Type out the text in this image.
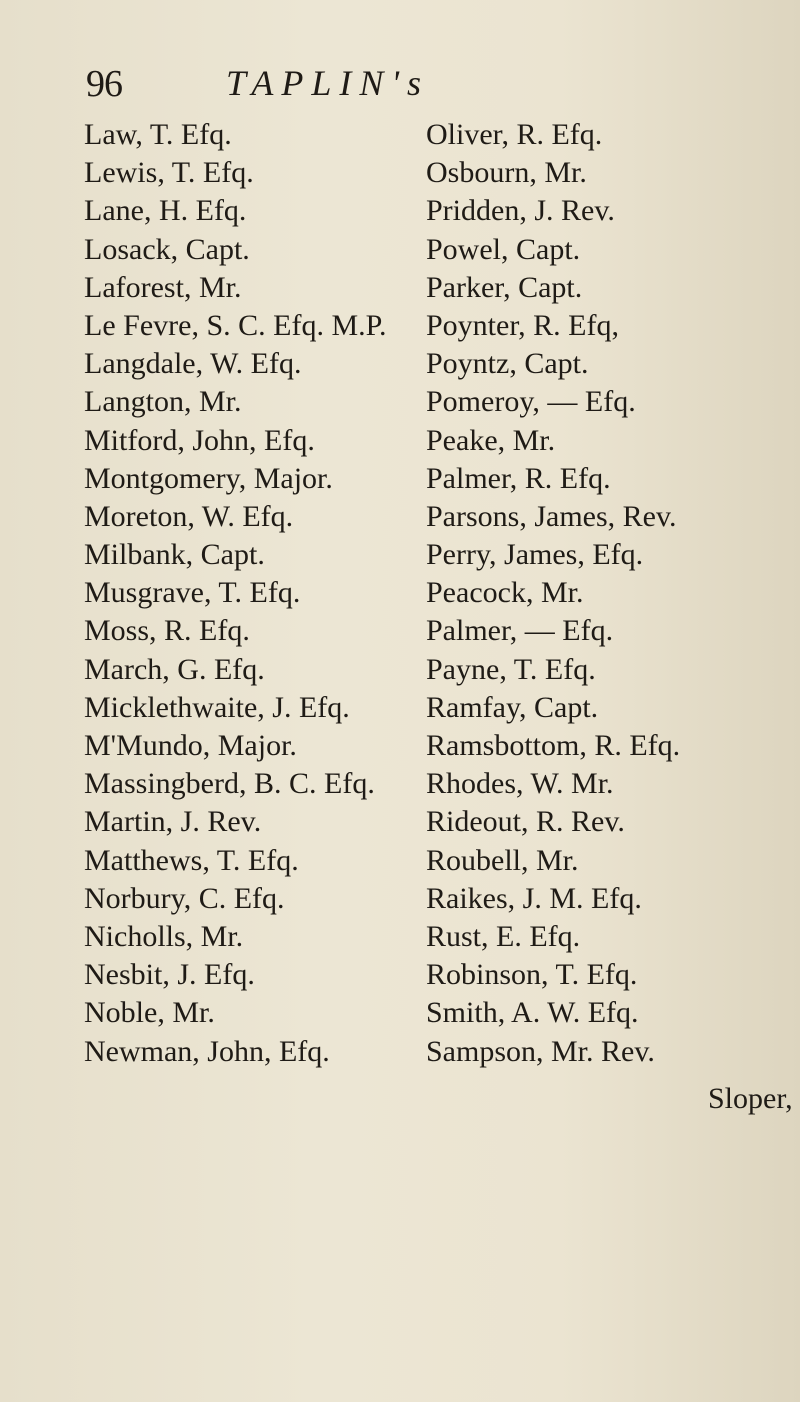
96	TAPLIN's
Law, T. Efq.
Lewis, T. Efq.
Lane, H. Efq.
Losack, Capt.
Laforest, Mr.
Le Fevre, S. C. Efq. M.P.
Langdale, W. Efq.
Langton, Mr.
Mitford, John, Efq.
Montgomery, Major.
Moreton, W. Efq.
Milbank, Capt.
Musgrave, T. Efq.
Moss, R. Efq.
March, G. Efq.
Micklethwaite, J. Efq.
M'Mundo, Major.
Massingberd, B. C. Efq.
Martin, J. Rev.
Matthews, T. Efq.
Norbury, C. Efq.
Nicholls, Mr.
Nesbit, J. Efq.
Noble, Mr.
Newman, John, Efq.
Oliver, R. Efq.
Osbourn, Mr.
Pridden, J. Rev.
Powel, Capt.
Parker, Capt.
Poynter, R. Efq,
Poyntz, Capt.
Pomeroy, — Efq.
Peake, Mr.
Palmer, R. Efq.
Parsons, James, Rev.
Perry, James, Efq.
Peacock, Mr.
Palmer, — Efq.
Payne, T. Efq.
Ramfay, Capt.
Ramsbottom, R. Efq.
Rhodes, W. Mr.
Rideout, R. Rev.
Roubell, Mr.
Raikes, J. M. Efq.
Rust, E. Efq.
Robinson, T. Efq.
Smith, A. W. Efq.
Sampson, Mr. Rev.
Sloper,
